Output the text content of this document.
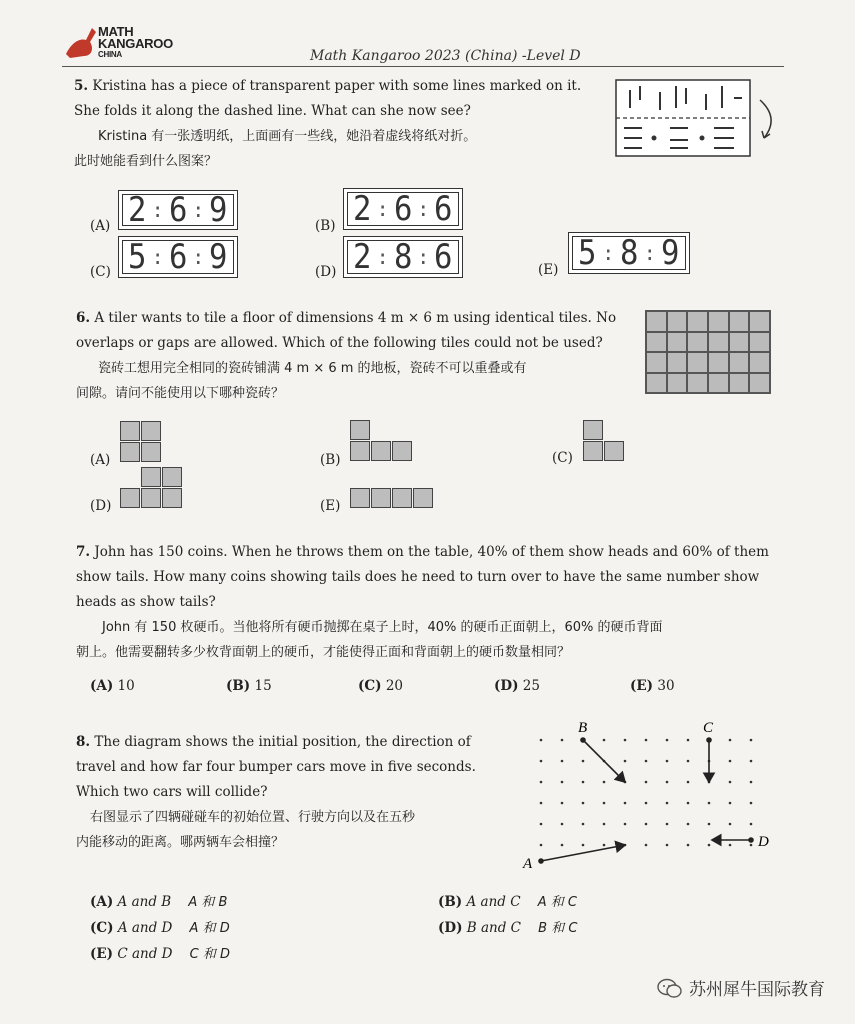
MATH
KANGAROO
CHINA	Math Kangaroo 2023 (China) -Level D
5. Kristina has a piece of transparent paper with some lines marked on it.
She folds it along the dashed line. What can she now see?
Kristina 有一张透明纸，上面画有一些线，她沿着虚线将纸对折。
此时她能看到什么图案？
(A) 2 : 6 : 9	(B) 2 : 6 : 6
(C) 5 : 6 : 9	(D) 2 : 8 : 6	(E) 5 : 8 : 9
6. A tiler wants to tile a floor of dimensions 4 m × 6 m using identical tiles. No
overlaps or gaps are allowed. Which of the following tiles could not be used?
瓷砖工想用完全相同的瓷砖铺满 4 m × 6 m 的地板，瓷砖不可以重叠或有
间隙。请问不能使用以下哪种瓷砖？
(A)	(B)	(C)
(D)	(E)
7. John has 150 coins. When he throws them on the table, 40% of them show heads and 60% of them
show tails. How many coins showing tails does he need to turn over to have the same number show
heads as show tails?
John 有 150 枚硬币。当他将所有硬币抛掷在桌子上时，40% 的硬币正面朝上，60% 的硬币背面
朝上。他需要翻转多少枚背面朝上的硬币，才能使得正面和背面朝上的硬币数量相同？
(A) 10	(B) 15	(C) 20	(D) 25	(E) 30
8. The diagram shows the initial position, the direction of
travel and how far four bumper cars move in five seconds.
Which two cars will collide?
右图显示了四辆碰碰车的初始位置、行驶方向以及在五秒
内能移动的距离。哪两辆车会相撞？
B	C
A
D
(A) A and B A 和 B	(B) A and C A 和 C
(C) A and D A 和 D	(D) B and C B 和 C
(E) C and D C 和 D
苏州犀牛国际教育
